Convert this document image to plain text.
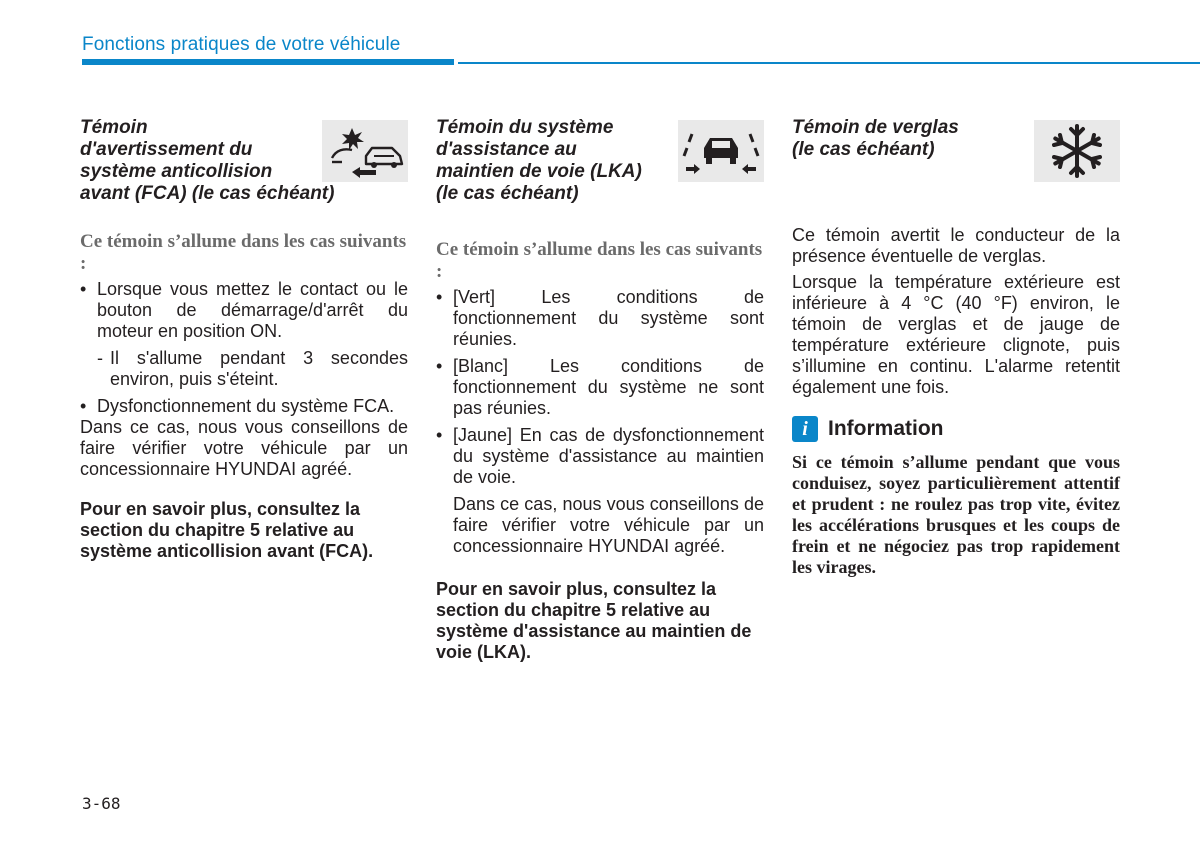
Fonctions pratiques de votre véhicule

Témoin
d'avertissement du
système anticollision
avant (FCA) (le cas échéant)

Ce témoin s’allume dans les cas suivants :

• Lorsque vous mettez le contact ou le bouton de démarrage/d'arrêt du moteur en position ON.

- Il s'allume pendant 3 secondes environ, puis s'éteint.

• Dysfonctionnement du système FCA.

Dans ce cas, nous vous conseillons de faire vérifier votre véhicule par un concessionnaire HYUNDAI agréé.

Pour en savoir plus, consultez la section du chapitre 5 relative au système anticollision avant (FCA).

Témoin du système
d'assistance au
maintien de voie (LKA)
(le cas échéant)

Ce témoin s’allume dans les cas suivants :

• [Vert] Les conditions de fonctionnement du système sont réunies.
• [Blanc] Les conditions de fonctionnement du système ne sont pas réunies.
• [Jaune] En cas de dysfonctionnement du système d'assistance au maintien de voie.

Dans ce cas, nous vous conseillons de faire vérifier votre véhicule par un concessionnaire HYUNDAI agréé.

Pour en savoir plus, consultez la section du chapitre 5 relative au système d'assistance au maintien de voie (LKA).

Témoin de verglas
(le cas échéant)

Ce témoin avertit le conducteur de la présence éventuelle de verglas.

Lorsque la température extérieure est inférieure à 4 °C (40 °F) environ, le témoin de verglas et de jauge de température extérieure clignote, puis s’illumine en continu. L'alarme retentit également une fois.

i Information

Si ce témoin s’allume pendant que vous conduisez, soyez particulièrement attentif et prudent : ne roulez pas trop vite, évitez les accélérations brusques et les coups de frein et ne négociez pas trop rapidement les virages.

3-68
